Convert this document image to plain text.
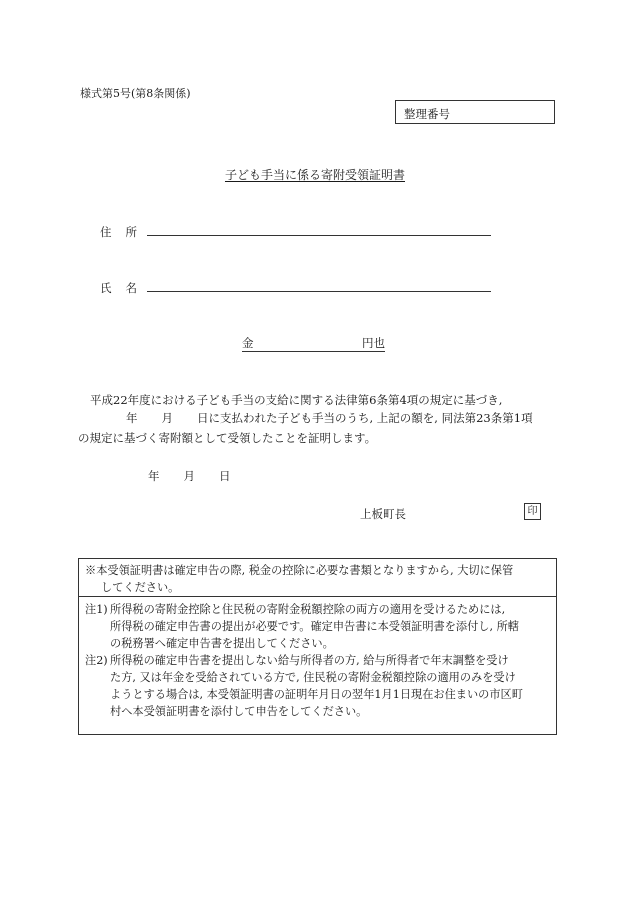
様式第5号(第8条関係)
整理番号
子ども手当に係る寄附受領証明書
住所
氏名
金	円也
平成22年度における子ども手当の支給に関する法律第6条第4項の規定に基づき,
年 月 日に支払われた子ども手当のうち, 上記の額を, 同法第23条第1項
の規定に基づく寄附額として受領したことを証明します。
年 月 日
上板町長	印
※本受領証明書は確定申告の際, 税金の控除に必要な書類となりますから, 大切に保管
してください。
注1) 所得税の寄附金控除と住民税の寄附金税額控除の両方の適用を受けるためには,
所得税の確定申告書の提出が必要です。確定申告書に本受領証明書を添付し, 所轄
の税務署へ確定申告書を提出してください。
注2) 所得税の確定申告書を提出しない給与所得者の方, 給与所得者で年末調整を受け
た方, 又は年金を受給されている方で, 住民税の寄附金税額控除の適用のみを受け
ようとする場合は, 本受領証明書の証明年月日の翌年1月1日現在お住まいの市区町
村へ本受領証明書を添付して申告をしてください。
